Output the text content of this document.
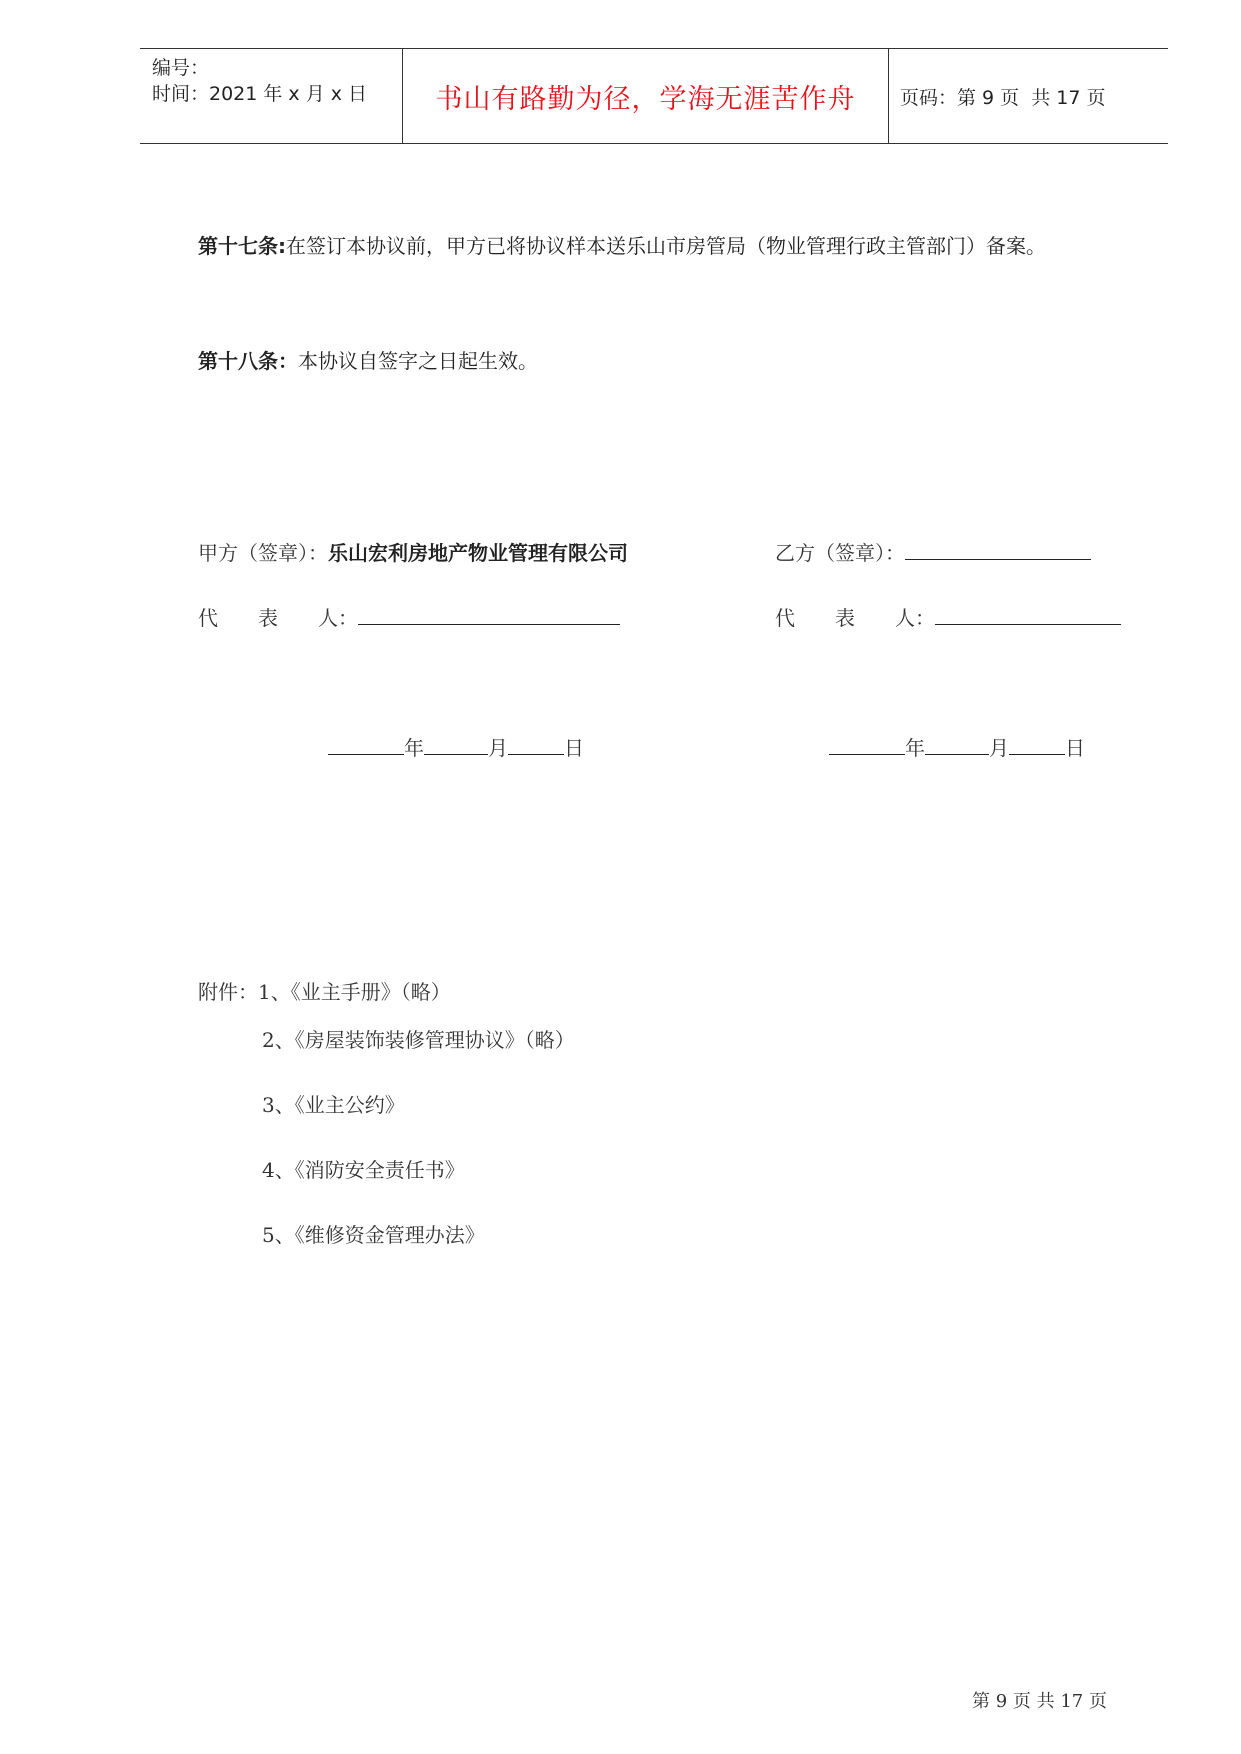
编号：
时间：2021 年 x 月 x 日	书山有路勤为径，学海无涯苦作舟	页码：第 9 页  共 17 页
第十七条:在签订本协议前，甲方已将协议样本送乐山市房管局（物业管理行政主管部门）备案。
第十八条：本协议自签字之日起生效。
甲方（签章）：乐山宏利房地产物业管理有限公司	乙方（签章）：
代　　表　　人：	代　　表　　人：
年	月	日	年	月	日
附件：1、《业主手册》（略）
2、《房屋装饰装修管理协议》（略）
3、《业主公约》
4、《消防安全责任书》
5、《维修资金管理办法》
第 9 页 共 17 页
